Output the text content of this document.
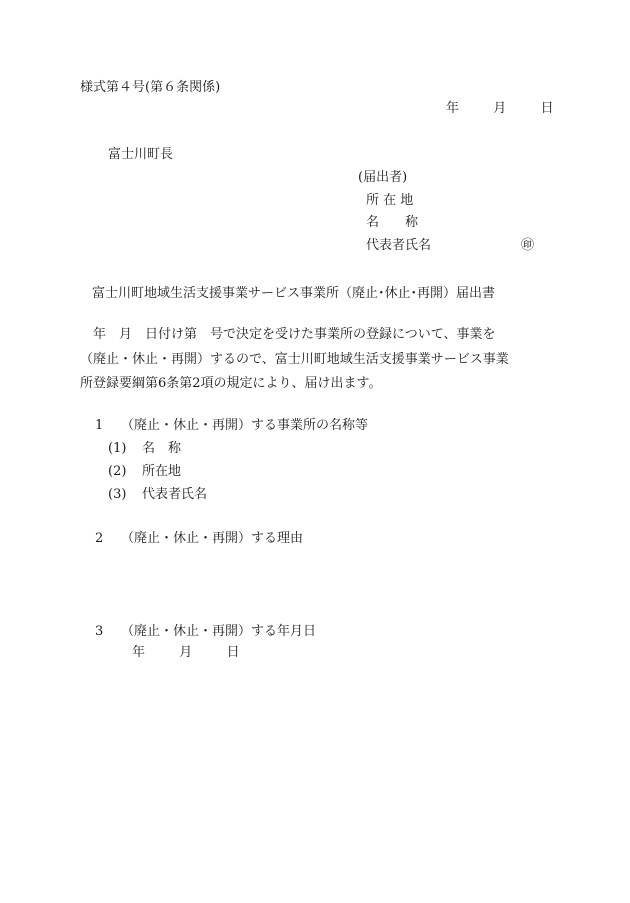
様式第４号(第６条関係)
年	月	日
富士川町長
(届出者)
所 在 地
名　　称
代表者氏名	㊞
富士川町地域生活支援事業サービス事業所（廃止･休止･再開）届出書
　年　月　日付け第　号で決定を受けた事業所の登録について、事業を
（廃止・休止・再開）するので、富士川町地域生活支援事業サービス事業
所登録要綱第6条第2項の規定により、届け出ます。
1 （廃止・休止・再開）する事業所の名称等
(1) 名　称
(2) 所在地
(3) 代表者氏名
2 （廃止・休止・再開）する理由
3 （廃止・休止・再開）する年月日
年	月	日
